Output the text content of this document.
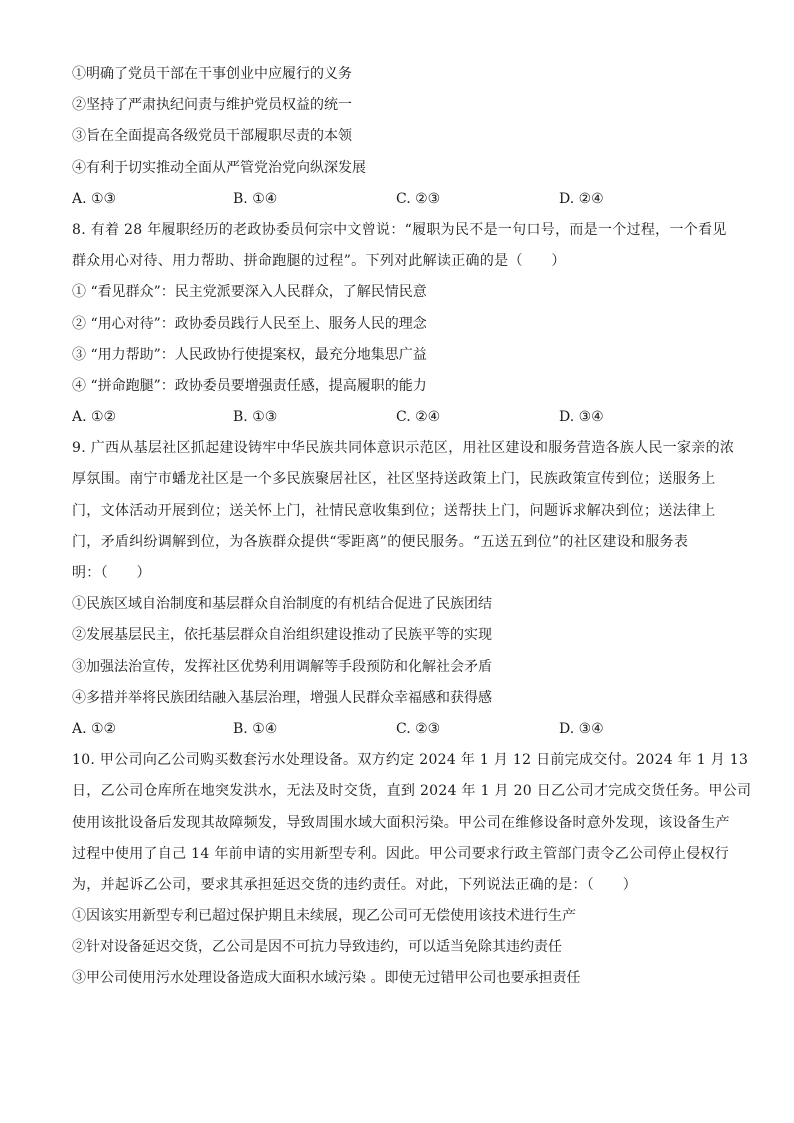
①明确了党员干部在干事创业中应履行的义务
②坚持了严肃执纪问责与维护党员权益的统一
③旨在全面提高各级党员干部履职尽责的本领
④有利于切实推动全面从严管党治党向纵深发展
A. ①③	B. ①④	C. ②③	D. ②④
8. 有着 28 年履职经历的老政协委员何宗中文曾说：“履职为民不是一句口号，而是一个过程，一个看见
群众用心对待、用力帮助、拼命跑腿的过程”。下列对此解读正确的是（　　）
① “看见群众”：民主党派要深入人民群众，了解民情民意
② “用心对待”：政协委员践行人民至上、服务人民的理念
③ “用力帮助”：人民政协行使提案权，最充分地集思广益
④ “拼命跑腿”：政协委员要增强责任感，提高履职的能力
A. ①②	B. ①③	C. ②④	D. ③④
9. 广西从基层社区抓起建设铸牢中华民族共同体意识示范区，用社区建设和服务营造各族人民一家亲的浓
厚氛围。南宁市蟠龙社区是一个多民族聚居社区，社区坚持送政策上门，民族政策宣传到位；送服务上
门，文体活动开展到位；送关怀上门，社情民意收集到位；送帮扶上门，问题诉求解决到位；送法律上
门，矛盾纠纷调解到位，为各族群众提供“零距离”的便民服务。“五送五到位”的社区建设和服务表
明：（　　）
①民族区域自治制度和基层群众自治制度的有机结合促进了民族团结
②发展基层民主，依托基层群众自治组织建设推动了民族平等的实现
③加强法治宣传，发挥社区优势利用调解等手段预防和化解社会矛盾
④多措并举将民族团结融入基层治理，增强人民群众幸福感和获得感
A. ①②	B. ①④	C. ②③	D. ③④
10. 甲公司向乙公司购买数套污水处理设备。双方约定 2024 年 1 月 12 日前完成交付。2024 年 1 月 13
日，乙公司仓库所在地突发洪水，无法及时交货，直到 2024 年 1 月 20 日乙公司才完成交货任务。甲公司
使用该批设备后发现其故障频发，导致周围水域大面积污染。甲公司在维修设备时意外发现，该设备生产
过程中使用了自己 14 年前申请的实用新型专利。因此。甲公司要求行政主管部门责令乙公司停止侵权行
为，并起诉乙公司，要求其承担延迟交货的违约责任。对此，下列说法正确的是：（　　）
①因该实用新型专利已超过保护期且未续展，现乙公司可无偿使用该技术进行生产
②针对设备延迟交货，乙公司是因不可抗力导致违约，可以适当免除其违约责任
③甲公司使用污水处理设备造成大面积水域污染 。即使无过错甲公司也要承担责任
